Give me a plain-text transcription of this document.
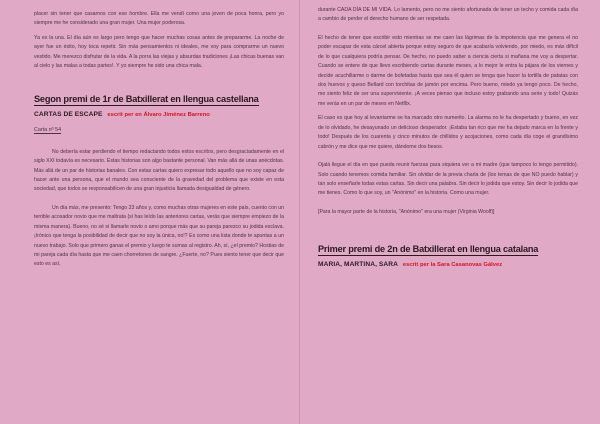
placer sin tener que casarnos con ese hombre. Ella me vendí como una joven de poca honra, pero yo siempre me he considerado una gran mujer. Una mujer poderosa.

Ya es la una. El día aún es largo pero tengo que hacer muchas cosas antes de prepararme. La noche de ayer fue un éxito, hoy toca repetir. Sin más pensamientos ni ideales, me voy para comprarme un nuevo vestido. Me merezco disfrutar de la vida. A la porra las viejas y absurdas tradiciones ¡Las chicas buenas van al cielo y las malas a todas partes!. Y yo siempre he sido una chica mala.

Segon premi de 1r de Batxillerat en llengua castellana
CARTAS DE ESCAPE escrit per en Álvaro Jiménez Barreno
Carta nº 54

No debería estar perdiendo el tiempo redactando todos estos escritos, pero desgraciadamente en el siglo XXI todavía es necesario. Estas historias son algo bastante personal. Van más allá de unas anécdotas. Más allá de un par de historias banales. Con estas cartas quiero expresar todo aquello que no soy capaz de hacer ante una persona, que el mundo sea consciente de la gravedad del problema que existe en esta sociedad, que todos se responsabilicen de una gran injusticia llamada desigualdad de género.

Un día más, me presento: Tengo 23 años y, como muchas otras mujeres en este país, cuento con un terrible acosador novio que me maltrata (si has leído las anteriores cartas, verás que siempre empiezo de la misma manera). Bueno, no sé si llamarle novio o amo porque más que su pareja parezco su jodida esclava. ¡Irónico que tenga la posibilidad de decir que no soy la única, no!? Es como una lista donde te apuntas a un nuevo trabajo. Solo que primero ganas el premio y luego te sumas al registro. Ah, sí, ¿el premio? Hostias de mi pareja cada día hasta que me caen chorretones de sangre. ¿Fuerte, no? Pues siento tener que decir que esto es así,

durante CADA DÍA DE MI VIDA. Lo lamento, pero no me siento afortunada de tener un techo y comida cada día a cambio de perder el derecho humano de ser respetada.

El hecho de tener que escribir esto mientras se me caen las lágrimas de la impotencia que me genera el no poder escapar de esta cárcel abierta porque estoy seguro de que acabaría volviendo, por miedo, es más difícil de lo que cualquiera podría pensar. De hecho, no puedo saber a ciencia cierta si mañana me voy a despertar. Cuando se entere de que llevo escribiendo cartas durante meses, a lo mejor le entra la pájara de los viernes y decide acuchillarme o darme de bofetadas hasta que sea él quien se tenga que hacer la tortilla de patatas con dos huevos y queso Bellard con torchitas de jamón por encima. Pero bueno, miedo ya tengo poco. De hecho, me siento feliz de ser una superviviente. ¡A veces pienso que incluso estoy grabando una serie y todo! Quizás me verás en un par de meses en Netflix.

El caso es que hoy al levantarme se ha marcado otro numerito. La alarma no le ha despertado y bueno, en vez de lo olvidado, he desayunado un delicioso desperador. ¡Estaba tan rico que me ha dejado marca en la frente y todo! Después de los cuarenta y cinco minutos de chillidos y acojaciones, como cada día coge el grandísimo cabrón y me dice que me quiere, dándome dos besos.

Ojalá llegue el día en que pueda reunir fuerzas para siquiera ver a mi madre (que tampoco lo tengo permitido). Solo cuando tenemos comida familiar. Sin olvidar de la previa charla de (los temas de que NO puedo hablar) y tan solo enseñarle todas estas cartas. Sin decir una palabra. Sin decir lo jodida que estoy. Sin decir lo jodida que me tienes. Como lo que soy, un "Anónimo" en la historia. Como una mujer.

[Para la mayor parte de la historia, "Anónimo" era una mujer (Virginia Woolf)]

Primer premi de 2n de Batxillerat en llengua catalana
MARIA, MARTINA, SARA escrit per la Sara Casanovas Gálvez
